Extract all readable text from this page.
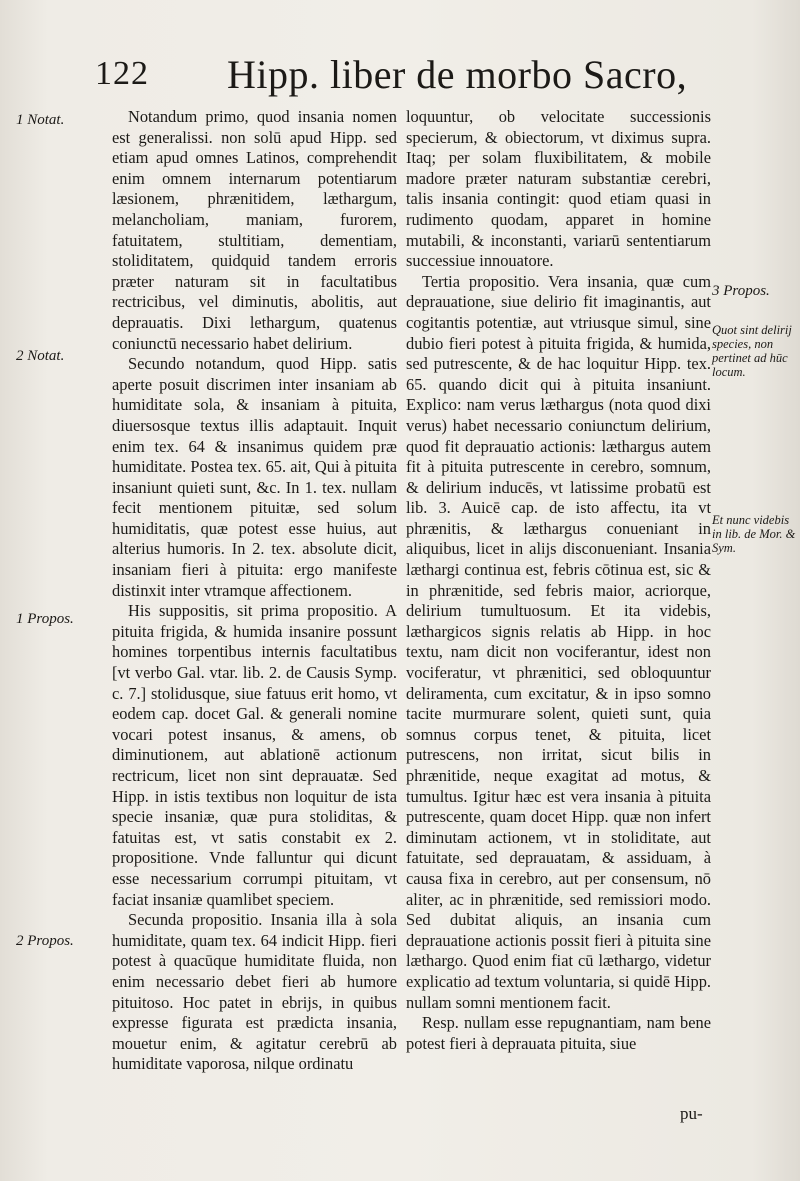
122 Hipp. liber de morbo Sacro,
1 Notat.
2 Notat.
1 Propos.
2 Propos.
3 Propos.
Quot sint delirij species, non pertinet ad hūc locum.
Et nunc videbis in lib. de Mor. & Sym.

Notandum primo, quod insania nomen est generalissi. non solū apud Hipp. sed etiam apud omnes Latinos, comprehendit enim omnem internarum potentiarum læsionem, phrænitidem, læthargum, melancholiam, maniam, furorem, fatuitatem, stultitiam, dementiam, stoliditatem, quidquid tandem erroris præter naturam sit in facultatibus rectricibus, vel diminutis, abolitis, aut deprauatis. Dixi lethargum, quatenus coniunctū necessario habet delirium.

Secundo notandum, quod Hipp. satis aperte posuit discrimen inter insaniam ab humiditate sola, & insaniam à pituita, diuersosque textus illis adaptauit. Inquit enim tex. 64 & insanimus quidem præ humiditate. Postea tex. 65. ait, Qui à pituita insaniunt quieti sunt, &c. In 1. tex. nullam fecit mentionem pituitæ, sed solum humiditatis, quæ potest esse huius, aut alterius humoris. In 2. tex. absolute dicit, insaniam fieri à pituita: ergo manifeste distinxit inter vtramque affectionem.

His suppositis, sit prima propositio. A pituita frigida, & humida insanire possunt homines torpentibus internis facultatibus [vt verbo Gal. vtar. lib. 2. de Causis Symp. c. 7.] stolidusque, siue fatuus erit homo, vt eodem cap. docet Gal. & generali nomine vocari potest insanus, & amens, ob diminutionem, aut ablationē actionum rectricum, licet non sint deprauatæ. Sed Hipp. in istis textibus non loquitur de ista specie insaniæ, quæ pura stoliditas, & fatuitas est, vt satis constabit ex 2. propositione. Vnde falluntur qui dicunt esse necessarium corrumpi pituitam, vt faciat insaniæ quamlibet speciem.

Secunda propositio. Insania illa à sola humiditate, quam tex. 64 indicit Hipp. fieri potest à quacūque humiditate fluida, non enim necessario debet fieri ab humore pituitoso. Hoc patet in ebrijs, in quibus expresse figurata est prædicta insania, mouetur enim, & agitatur cerebrū ab humiditate vaporosa, nilque ordinatu

loquuntur, ob velocitate successionis specierum, & obiectorum, vt diximus supra. Itaq; per solam fluxibilitatem, & mobile madore præter naturam substantiæ cerebri, talis insania contingit: quod etiam quasi in rudimento quodam, apparet in homine mutabili, & inconstanti, variarū sententiarum successiue innouatore.

Tertia propositio. Vera insania, quæ cum deprauatione, siue delirio fit imaginantis, aut cogitantis potentiæ, aut vtriusque simul, sine dubio fieri potest à pituita frigida, & humida, sed putrescente, & de hac loquitur Hipp. tex. 65. quando dicit qui à pituita insaniunt. Explico: nam verus læthargus (nota quod dixi verus) habet necessario coniunctum delirium, quod fit deprauatio actionis: læthargus autem fit à pituita putrescente in cerebro, somnum, & delirium inducēs, vt latissime probatū est lib. 3. Auicē cap. de isto affectu, ita vt phrænitis, & læthargus conueniant in aliquibus, licet in alijs disconueniant. Insania læthargi continua est, febris cōtinua est, sic & in phrænitide, sed febris maior, acriorque, delirium tumultuosum. Et ita videbis, læthargicos signis relatis ab Hipp. in hoc textu, nam dicit non vociferantur, idest non vociferatur, vt phrænitici, sed obloquuntur deliramenta, cum excitatur, & in ipso somno tacite murmurare solent, quieti sunt, quia somnus corpus tenet, & pituita, licet putrescens, non irritat, sicut bilis in phrænitide, neque exagitat ad motus, & tumultus. Igitur hæc est vera insania à pituita putrescente, quam docet Hipp. quæ non infert diminutam actionem, vt in stoliditate, aut fatuitate, sed deprauatam, & assiduam, à causa fixa in cerebro, aut per consensum, nō aliter, ac in phrænitide, sed remissiori modo. Sed dubitat aliquis, an insania cum deprauatione actionis possit fieri à pituita sine læthargo. Quod enim fiat cū læthargo, videtur explicatio ad textum voluntaria, si quidē Hipp. nullam somni mentionem facit.

Resp. nullam esse repugnantiam, nam bene potest fieri à deprauata pituita, siue

pu-
